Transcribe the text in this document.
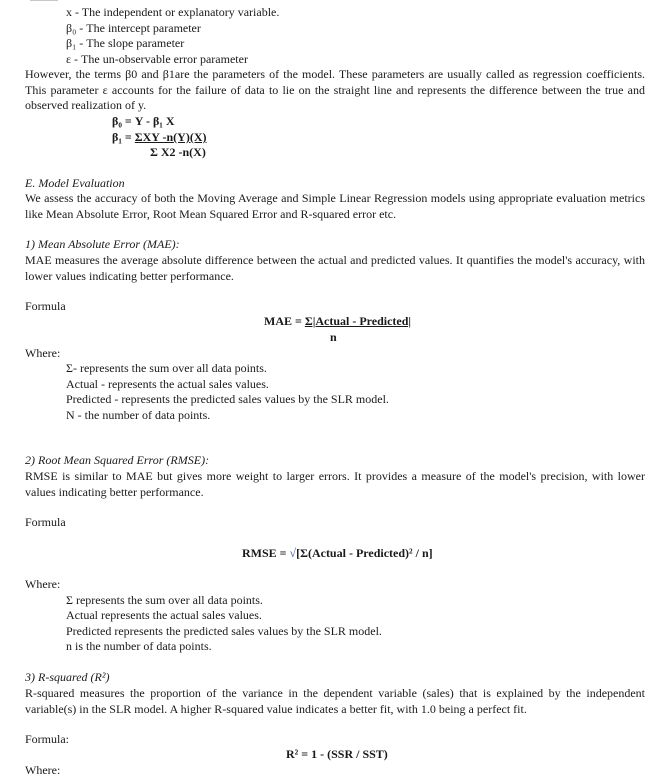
x - The independent or explanatory variable.
β₀ - The intercept parameter
β₁ - The slope parameter
ε - The un-observable error parameter
However, the terms β0 and β1are the parameters of the model. These parameters are usually called as regression coefficients. This parameter ε accounts for the failure of data to lie on the straight line and represents the difference between the true and observed realization of y.
β₀ = Y - β₁ X
β₁ = ΣXY -n(Y)(X)
Σ X2 -n(X)
E. Model Evaluation
We assess the accuracy of both the Moving Average and Simple Linear Regression models using appropriate evaluation metrics like Mean Absolute Error, Root Mean Squared Error and R-squared error etc.
1) Mean Absolute Error (MAE):
MAE measures the average absolute difference between the actual and predicted values. It quantifies the model's accuracy, with lower values indicating better performance.
Formula
MAE = Σ|Actual - Predicted|
n
Where:
Σ- represents the sum over all data points.
Actual - represents the actual sales values.
Predicted - represents the predicted sales values by the SLR model.
N - the number of data points.
2) Root Mean Squared Error (RMSE):
RMSE is similar to MAE but gives more weight to larger errors. It provides a measure of the model's precision, with lower values indicating better performance.
Formula
RMSE = √[Σ(Actual - Predicted)² / n]
Where:
Σ represents the sum over all data points.
Actual represents the actual sales values.
Predicted represents the predicted sales values by the SLR model.
n is the number of data points.
3) R-squared (R²)
R-squared measures the proportion of the variance in the dependent variable (sales) that is explained by the independent variable(s) in the SLR model. A higher R-squared value indicates a better fit, with 1.0 being a perfect fit.
Formula:
R² = 1 - (SSR / SST)
Where:
